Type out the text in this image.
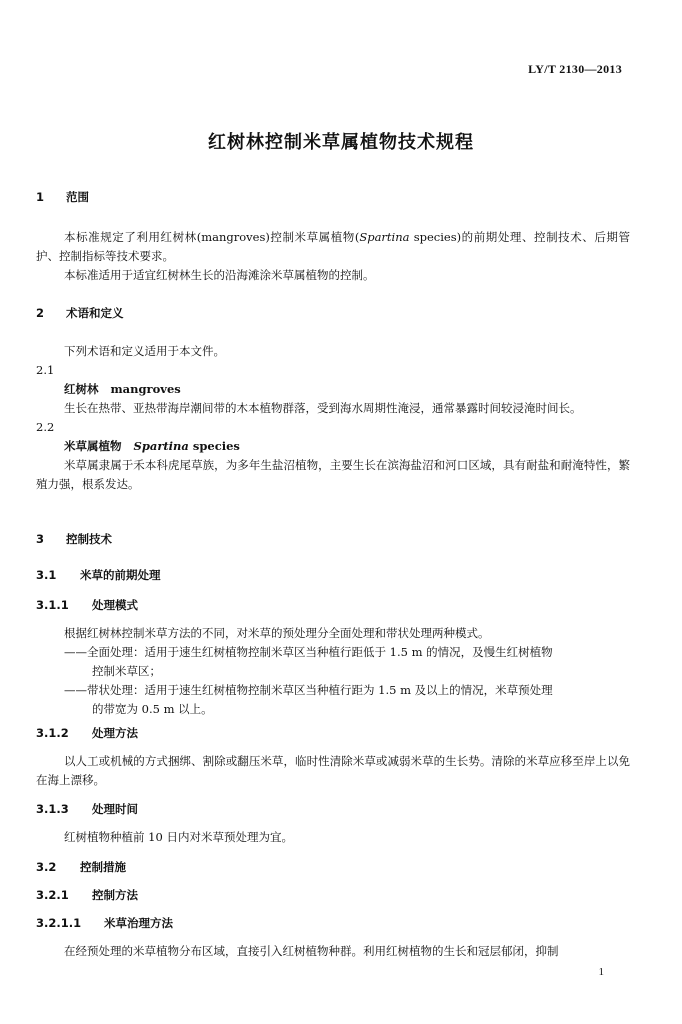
LY/T 2130—2013
红树林控制米草属植物技术规程
1 范围

本标准规定了利用红树林(mangroves)控制米草属植物(Spartina species)的前期处理、控制技术、后期管护、控制指标等技术要求。

本标准适用于适宜红树林生长的沿海滩涂米草属植物的控制。

2 术语和定义

下列术语和定义适用于本文件。

2.1

红树林 mangroves

生长在热带、亚热带海岸潮间带的木本植物群落，受到海水周期性淹浸，通常暴露时间较浸淹时间长。

2.2

米草属植物 Spartina species

米草属隶属于禾本科虎尾草族，为多年生盐沼植物，主要生长在滨海盐沼和河口区域，具有耐盐和耐淹特性，繁殖力强，根系发达。

3 控制技术
3.1 米草的前期处理
3.1.1 处理模式

根据红树林控制米草方法的不同，对米草的预处理分全面处理和带状处理两种模式。

——全面处理：适用于速生红树植物控制米草区当种植行距低于 1.5 m 的情况，及慢生红树植物

控制米草区；

——带状处理：适用于速生红树植物控制米草区当种植行距为 1.5 m 及以上的情况，米草预处理

的带宽为 0.5 m 以上。

3.1.2 处理方法

以人工或机械的方式捆绑、割除或翻压米草，临时性清除米草或减弱米草的生长势。清除的米草应移至岸上以免在海上漂移。

3.1.3 处理时间

红树植物种植前 10 日内对米草预处理为宜。

3.2 控制措施
3.2.1 控制方法
3.2.1.1 米草治理方法

在经预处理的米草植物分布区域，直接引入红树植物种群。利用红树植物的生长和冠层郁闭，抑制

1
